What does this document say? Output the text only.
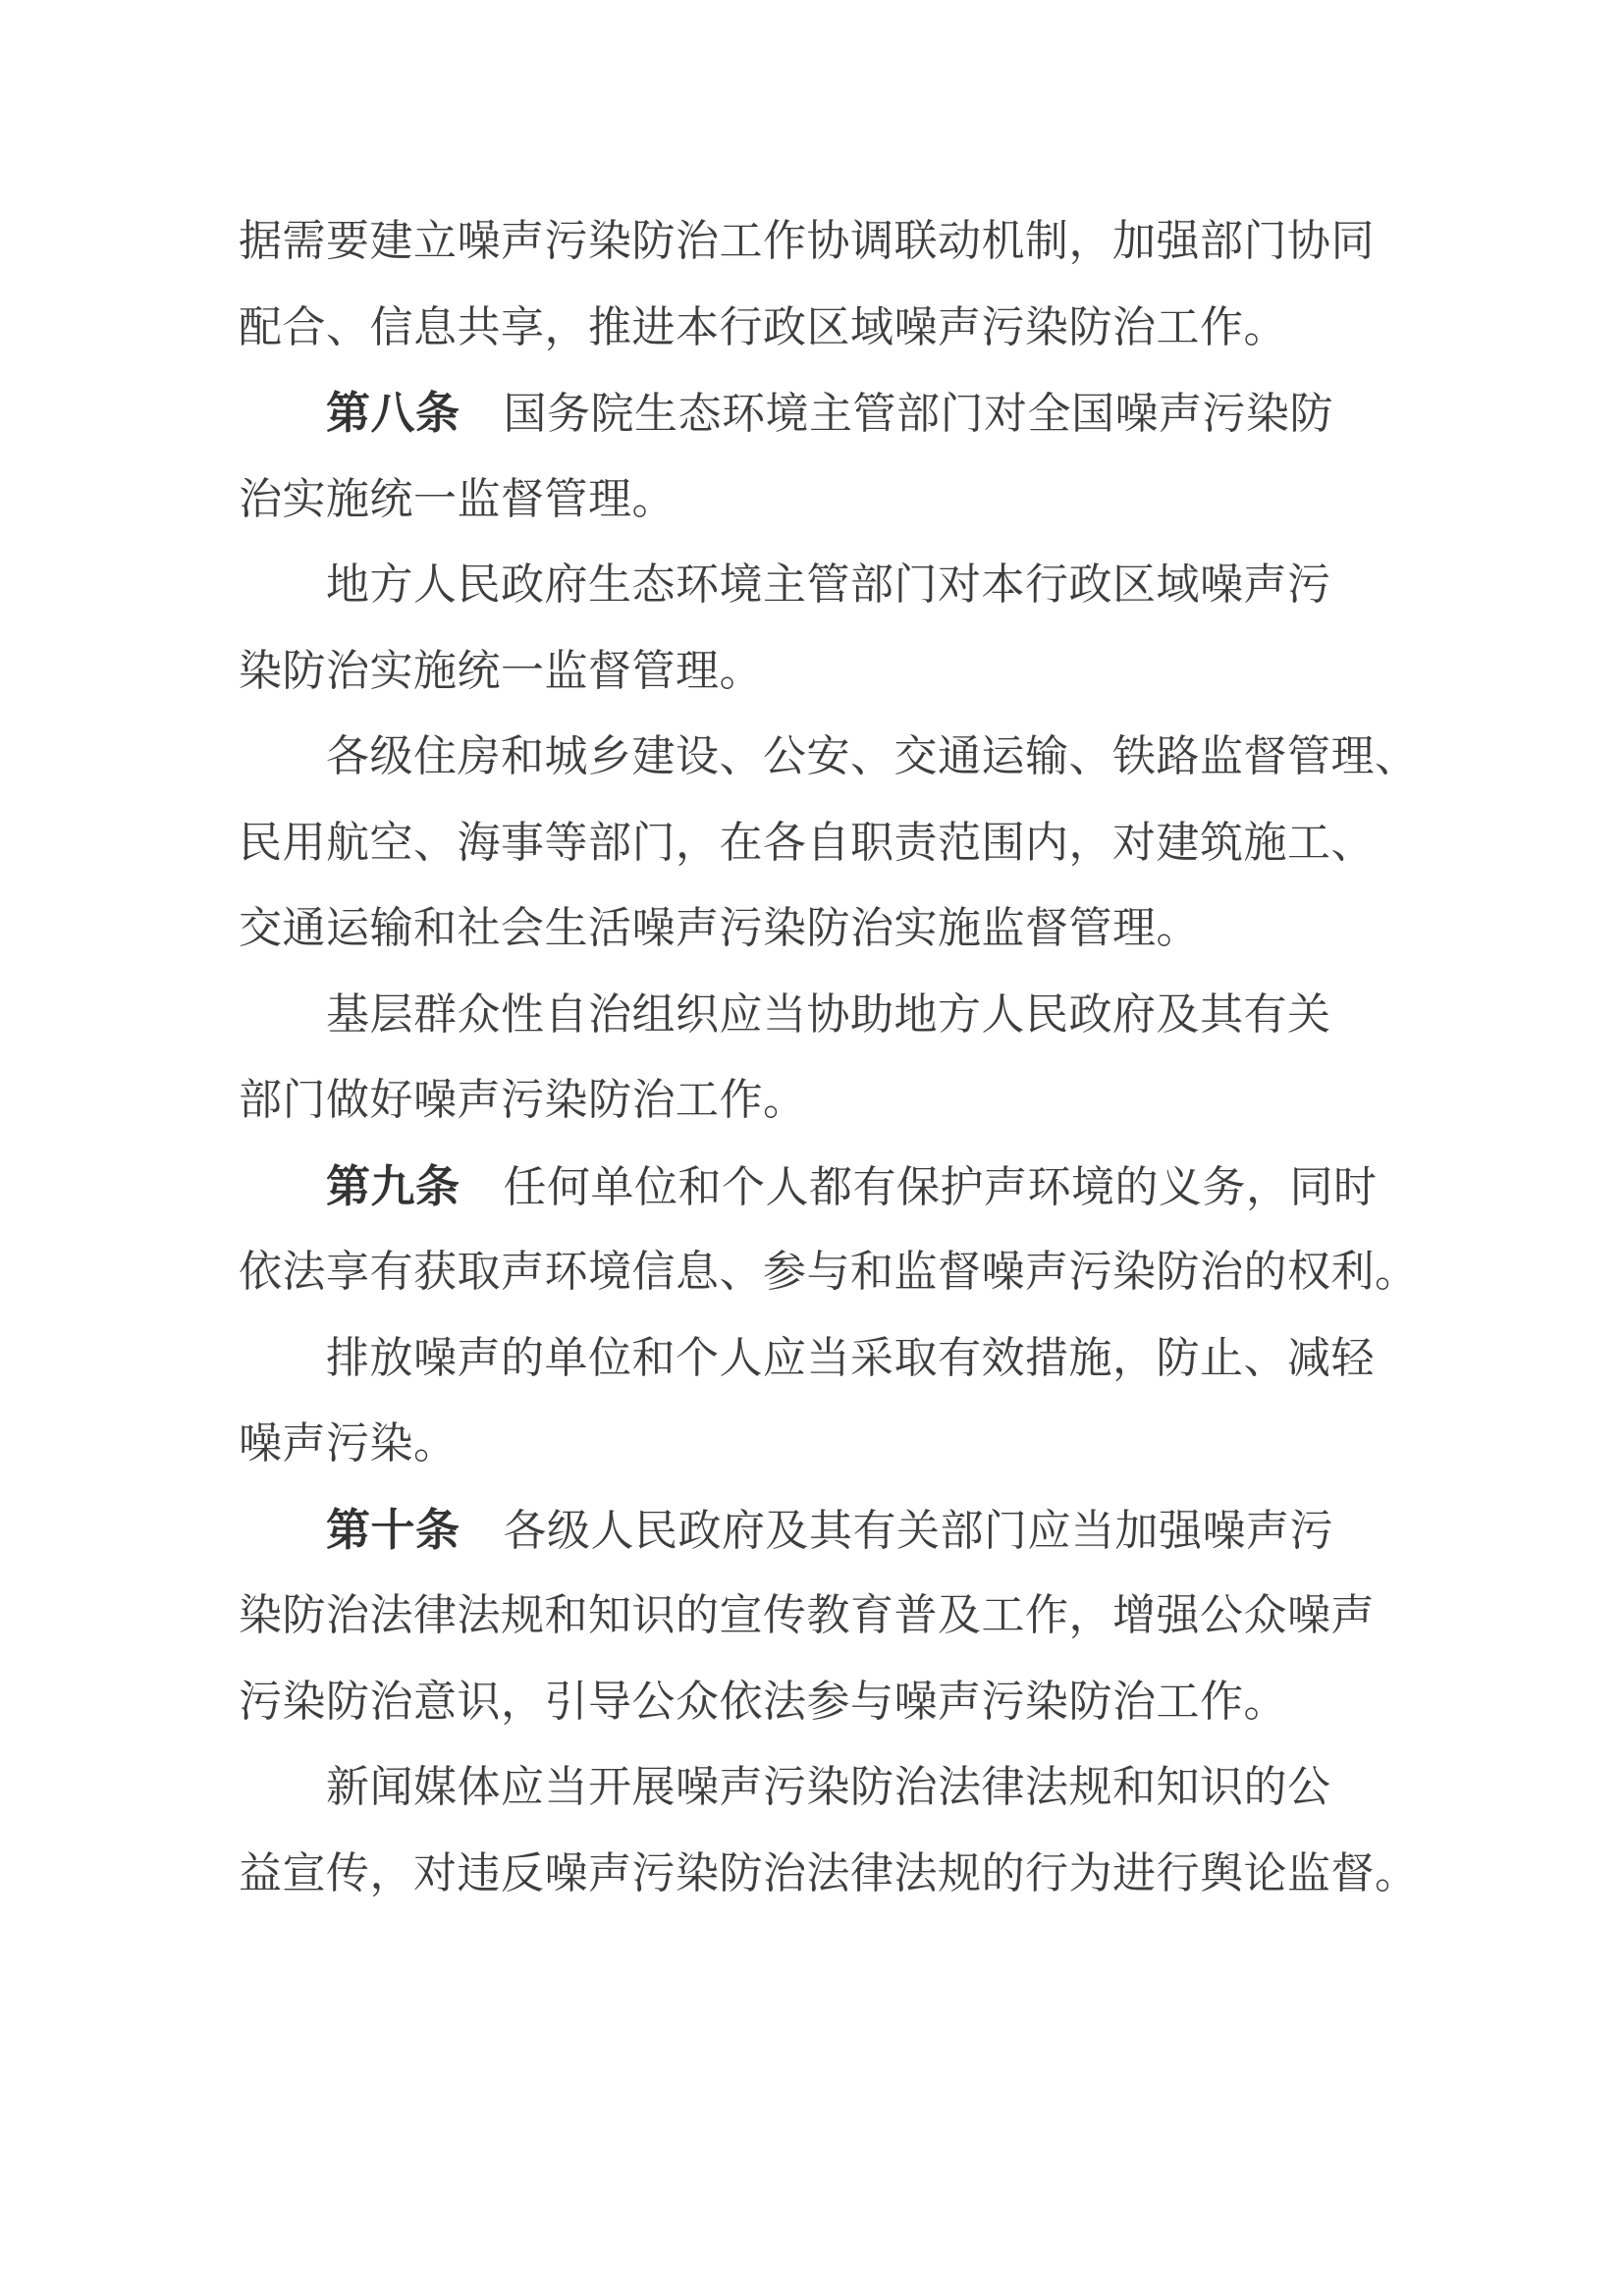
据需要建立噪声污染防治工作协调联动机制，加强部门协同
配合、信息共享，推进本行政区域噪声污染防治工作。
第八条 国务院生态环境主管部门对全国噪声污染防
治实施统一监督管理。
地方人民政府生态环境主管部门对本行政区域噪声污
染防治实施统一监督管理。
各级住房和城乡建设、公安、交通运输、铁路监督管理、
民用航空、海事等部门，在各自职责范围内，对建筑施工、
交通运输和社会生活噪声污染防治实施监督管理。
基层群众性自治组织应当协助地方人民政府及其有关
部门做好噪声污染防治工作。
第九条 任何单位和个人都有保护声环境的义务，同时
依法享有获取声环境信息、参与和监督噪声污染防治的权利。
排放噪声的单位和个人应当采取有效措施，防止、减轻
噪声污染。
第十条 各级人民政府及其有关部门应当加强噪声污
染防治法律法规和知识的宣传教育普及工作，增强公众噪声
污染防治意识，引导公众依法参与噪声污染防治工作。
新闻媒体应当开展噪声污染防治法律法规和知识的公
益宣传，对违反噪声污染防治法律法规的行为进行舆论监督。
